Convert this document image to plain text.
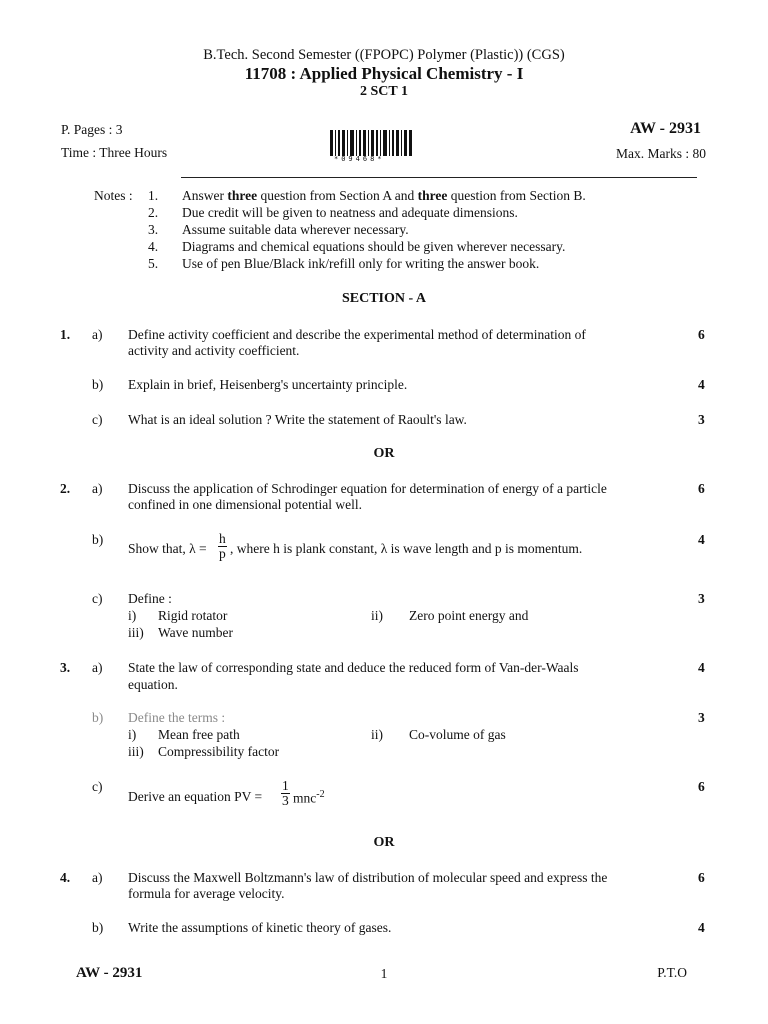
B.Tech. Second Semester ((FPOPC) Polymer (Plastic)) (CGS)
11708 : Applied Physical Chemistry - I
2 SCT 1
P. Pages : 3
Time : Three Hours
AW - 2931
Max. Marks : 80
*09468*
Notes : 1. Answer three question from Section A and three question from Section B.
2. Due credit will be given to neatness and adequate dimensions.
3. Assume suitable data wherever necessary.
4. Diagrams and chemical equations should be given wherever necessary.
5. Use of pen Blue/Black ink/refill only for writing the answer book.
SECTION - A
1. a) Define activity coefficient and describe the experimental method of determination of
activity and activity coefficient.
6
b) Explain in brief, Heisenberg's uncertainty principle.	4
c) What is an ideal solution ? Write the statement of Raoult's law.	3
OR
2. a) Discuss the application of Schrodinger equation for determination of energy of a particle
confined in one dimensional potential well.
6
b)
Show that, $\lambda = \frac{h}{p}$ , where h is plank constant, λ is wave length and p is momentum.
4
c) Define :
i) Rigid rotator	ii) Zero point energy and
iii) Wave number
3
3. a) State the law of corresponding state and deduce the reduced form of Van-der-Waals
equation.
4
b) Define the terms :
i) Mean free path	ii) Co-volume of gas
iii) Compressibility factor
3
c)
Derive an equation PV = $\frac{1}{3} mnc^{-2}$
6
OR
4. a) Discuss the Maxwell Boltzmann's law of distribution of molecular speed and express the
formula for average velocity.
6
b) Write the assumptions of kinetic theory of gases.	4
AW - 2931	1	P.T.O
